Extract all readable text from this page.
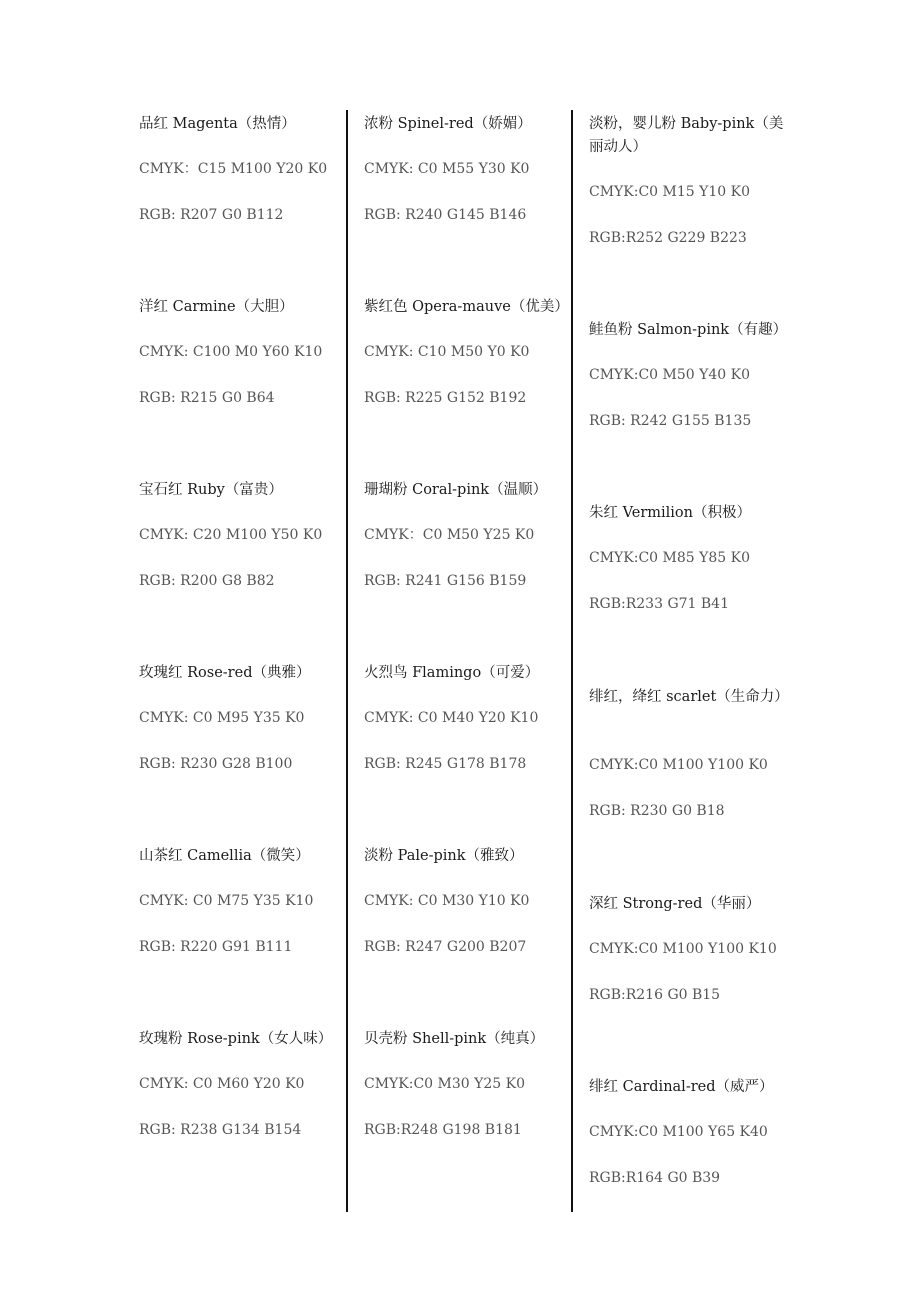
品红 Magenta（热情）
CMYK：C15 M100 Y20 K0
RGB: R207 G0 B112
洋红 Carmine（大胆）
CMYK: C100 M0 Y60 K10
RGB: R215 G0 B64
宝石红 Ruby（富贵）
CMYK: C20 M100 Y50 K0
RGB: R200 G8 B82
玫瑰红 Rose-red（典雅）
CMYK: C0 M95 Y35 K0
RGB: R230 G28 B100
山茶红 Camellia（微笑）
CMYK: C0 M75 Y35 K10
RGB: R220 G91 B111
玫瑰粉 Rose-pink（女人味）
CMYK: C0 M60 Y20 K0
RGB: R238 G134 B154
浓粉 Spinel-red（娇媚）
CMYK: C0 M55 Y30 K0
RGB: R240 G145 B146
紫红色 Opera-mauve（优美）
CMYK: C10 M50 Y0 K0
RGB: R225 G152 B192
珊瑚粉 Coral-pink（温顺）
CMYK：C0 M50 Y25 K0
RGB: R241 G156 B159
火烈鸟 Flamingo（可爱）
CMYK: C0 M40 Y20 K10
RGB: R245 G178 B178
淡粉 Pale-pink（雅致）
CMYK: C0 M30 Y10 K0
RGB: R247 G200 B207
贝壳粉 Shell-pink（纯真）
CMYK:C0 M30 Y25 K0
RGB:R248 G198 B181
淡粉，婴儿粉 Baby-pink（美丽动人）
CMYK:C0 M15 Y10 K0
RGB:R252 G229 B223
鲑鱼粉 Salmon-pink（有趣）
CMYK:C0 M50 Y40 K0
RGB: R242 G155 B135
朱红 Vermilion（积极）
CMYK:C0 M85 Y85 K0
RGB:R233 G71 B41
绯红，绛红 scarlet（生命力）
CMYK:C0 M100 Y100 K0
RGB: R230 G0 B18
深红 Strong-red（华丽）
CMYK:C0 M100 Y100 K10
RGB:R216 G0 B15
绯红 Cardinal-red（威严）
CMYK:C0 M100 Y65 K40
RGB:R164 G0 B39
